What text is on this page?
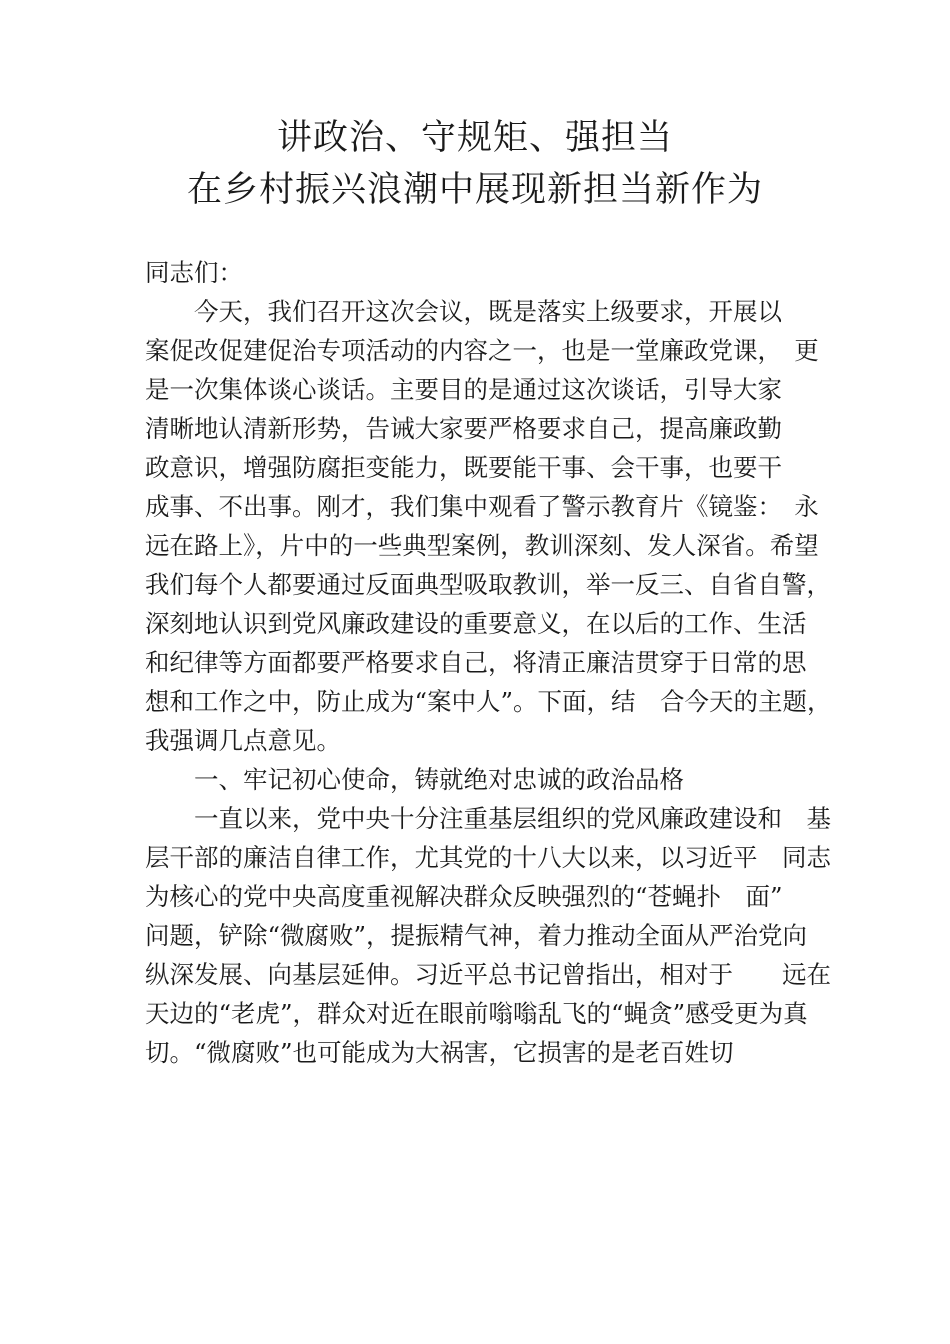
讲政治、守规矩、强担当
在乡村振兴浪潮中展现新担当新作为
同志们：
　　今天，我们召开这次会议，既是落实上级要求，开展以
案促改促建促治专项活动的内容之一，也是一堂廉政党课，　更
是一次集体谈心谈话。主要目的是通过这次谈话，引导大家
清晰地认清新形势，告诫大家要严格要求自己，提高廉政勤
政意识，增强防腐拒变能力，既要能干事、会干事，也要干
成事、不出事。刚才，我们集中观看了警示教育片《镜鉴：　永
远在路上》，片中的一些典型案例，教训深刻、发人深省。希望
我们每个人都要通过反面典型吸取教训，举一反三、自省自警，
深刻地认识到党风廉政建设的重要意义，在以后的工作、生活
和纪律等方面都要严格要求自己，将清正廉洁贯穿于日常的思
想和工作之中，防止成为“案中人”。下面，结　合今天的主题，
我强调几点意见。
　　一、牢记初心使命，铸就绝对忠诚的政治品格
　　一直以来，党中央十分注重基层组织的党风廉政建设和　基
层干部的廉洁自律工作，尤其党的十八大以来，以习近平　同志
为核心的党中央高度重视解决群众反映强烈的“苍蝇扑　面”
问题，铲除“微腐败”，提振精气神，着力推动全面从严治党向
纵深发展、向基层延伸。习近平总书记曾指出，相对于　　远在
天边的“老虎”，群众对近在眼前嗡嗡乱飞的“蝇贪”感受更为真
切。“微腐败”也可能成为大祸害，它损害的是老百姓切
